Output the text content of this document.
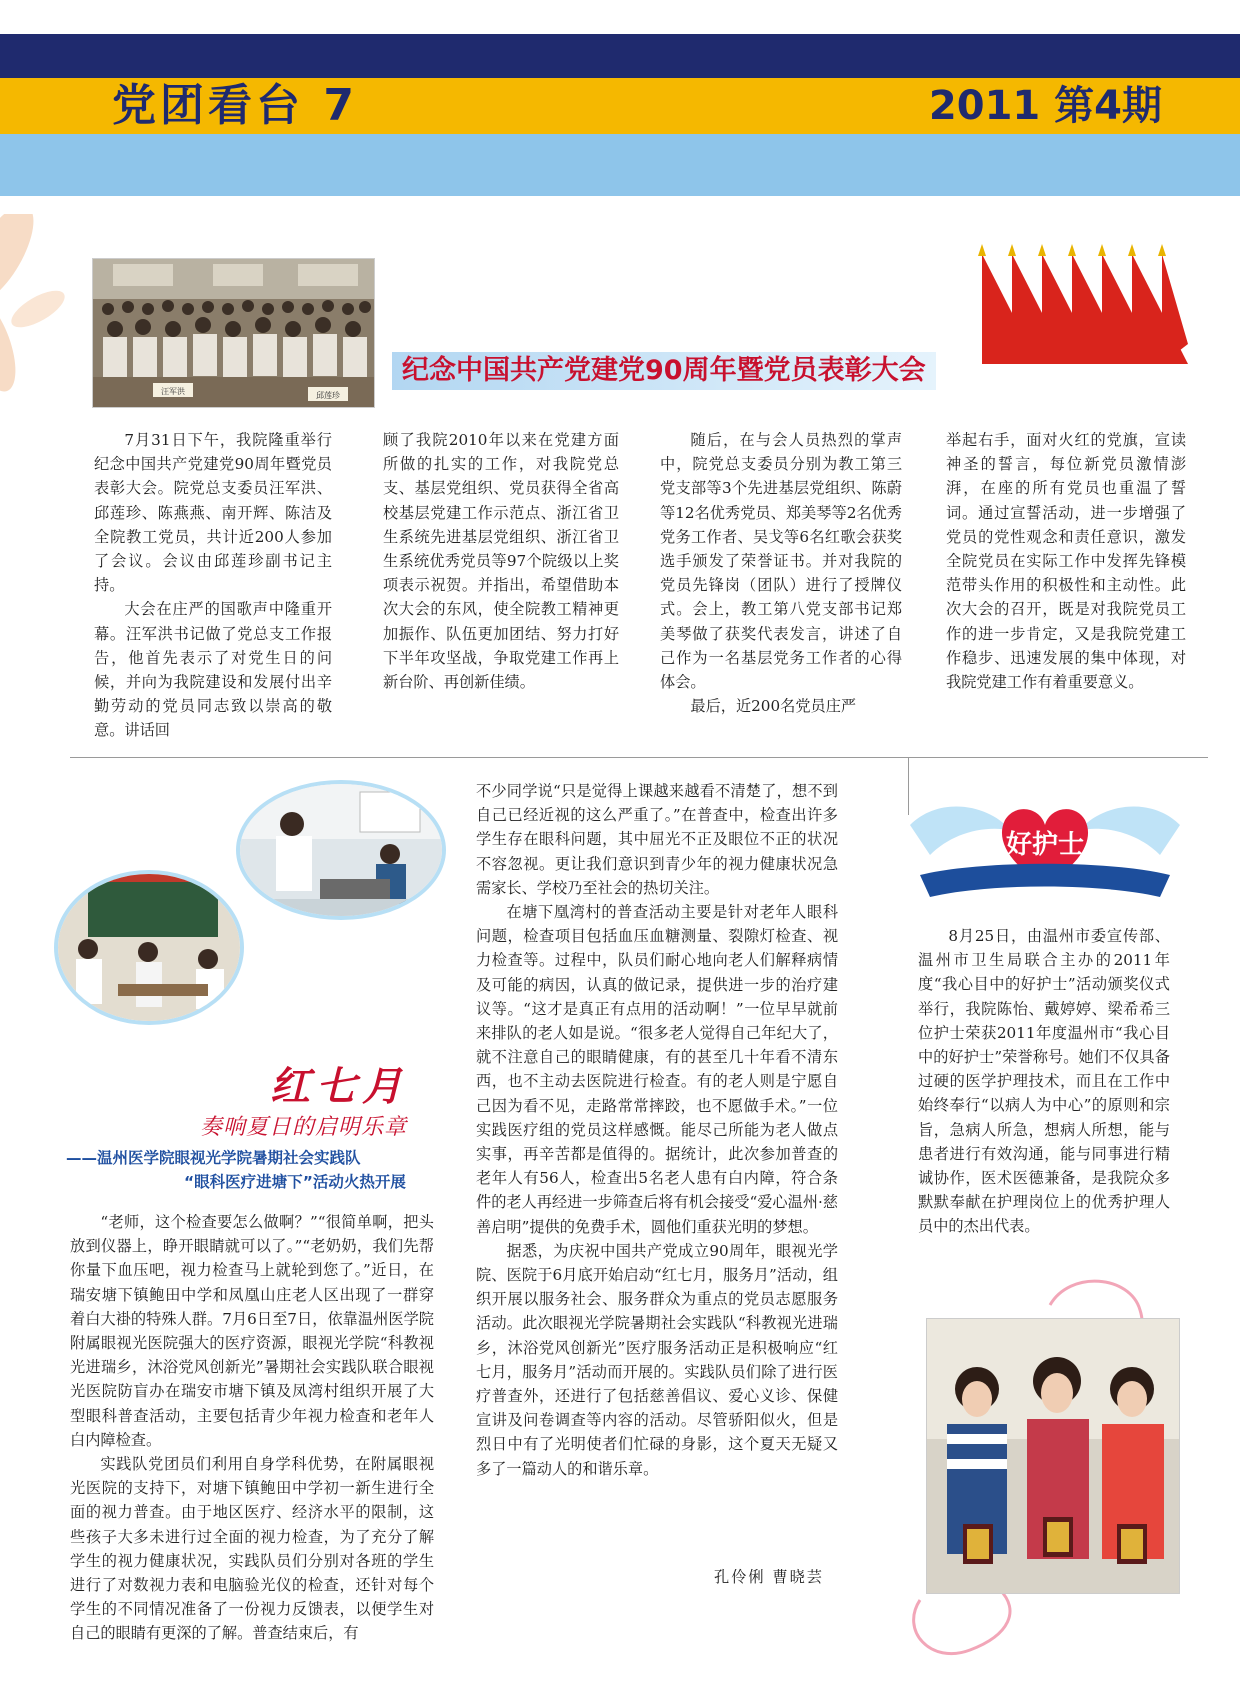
党团看台 7	2011 第4期
汪军洪	邱莲珍
纪念中国共产党建党90周年暨党员表彰大会

7月31日下午，我院隆重举行纪念中国共产党建党90周年暨党员表彰大会。院党总支委员汪军洪、邱莲珍、陈燕燕、南开辉、陈洁及全院教工党员，共计近200人参加了会议。会议由邱莲珍副书记主持。

大会在庄严的国歌声中隆重开幕。汪军洪书记做了党总支工作报告，他首先表示了对党生日的问候，并向为我院建设和发展付出辛勤劳动的党员同志致以崇高的敬意。讲话回

顾了我院2010年以来在党建方面所做的扎实的工作，对我院党总支、基层党组织、党员获得全省高校基层党建工作示范点、浙江省卫生系统先进基层党组织、浙江省卫生系统优秀党员等97个院级以上奖项表示祝贺。并指出，希望借助本次大会的东风，使全院教工精神更加振作、队伍更加团结、努力打好下半年攻坚战，争取党建工作再上新台阶、再创新佳绩。

随后，在与会人员热烈的掌声中，院党总支委员分别为教工第三党支部等3个先进基层党组织、陈蔚等12名优秀党员、郑美琴等2名优秀党务工作者、吴戈等6名红歌会获奖选手颁发了荣誉证书。并对我院的党员先锋岗（团队）进行了授牌仪式。会上，教工第八党支部书记郑美琴做了获奖代表发言，讲述了自己作为一名基层党务工作者的心得体会。

最后，近200名党员庄严

举起右手，面对火红的党旗，宣读神圣的誓言，每位新党员激情澎湃，在座的所有党员也重温了誓词。通过宣誓活动，进一步增强了党员的党性观念和责任意识，激发全院党员在实际工作中发挥先锋模范带头作用的积极性和主动性。此次大会的召开，既是对我院党员工作的进一步肯定，又是我院党建工作稳步、迅速发展的集中体现，对我院党建工作有着重要意义。

红七月
奏响夏日的启明乐章
——温州医学院眼视光学院暑期社会实践队
“眼科医疗进塘下”活动火热开展

“老师，这个检查要怎么做啊？”“很简单啊，把头放到仪器上，睁开眼睛就可以了。”“老奶奶，我们先帮你量下血压吧，视力检查马上就轮到您了。”近日，在瑞安塘下镇鲍田中学和凤凰山庄老人区出现了一群穿着白大褂的特殊人群。7月6日至7日，依靠温州医学院附属眼视光医院强大的医疗资源，眼视光学院“科教视光进瑞乡，沐浴党风创新光”暑期社会实践队联合眼视光医院防盲办在瑞安市塘下镇及凤湾村组织开展了大型眼科普查活动，主要包括青少年视力检查和老年人白内障检查。

实践队党团员们利用自身学科优势，在附属眼视光医院的支持下，对塘下镇鲍田中学初一新生进行全面的视力普查。由于地区医疗、经济水平的限制，这些孩子大多未进行过全面的视力检查，为了充分了解学生的视力健康状况，实践队员们分别对各班的学生进行了对数视力表和电脑验光仪的检查，还针对每个学生的不同情况准备了一份视力反馈表，以便学生对自己的眼睛有更深的了解。普查结束后，有

不少同学说“只是觉得上课越来越看不清楚了，想不到自己已经近视的这么严重了。”在普查中，检查出许多学生存在眼科问题，其中屈光不正及眼位不正的状况不容忽视。更让我们意识到青少年的视力健康状况急需家长、学校乃至社会的热切关注。

在塘下凰湾村的普查活动主要是针对老年人眼科问题，检查项目包括血压血糖测量、裂隙灯检查、视力检查等。过程中，队员们耐心地向老人们解释病情及可能的病因，认真的做记录，提供进一步的治疗建议等。“这才是真正有点用的活动啊！”一位早早就前来排队的老人如是说。“很多老人觉得自己年纪大了，就不注意自己的眼睛健康，有的甚至几十年看不清东西，也不主动去医院进行检查。有的老人则是宁愿自己因为看不见，走路常常摔跤，也不愿做手术。”一位实践医疗组的党员这样感慨。能尽己所能为老人做点实事，再辛苦都是值得的。据统计，此次参加普查的老年人有56人，检查出5名老人患有白内障，符合条件的老人再经进一步筛查后将有机会接受“爱心温州·慈善启明”提供的免费手术，圆他们重获光明的梦想。

据悉，为庆祝中国共产党成立90周年，眼视光学院、医院于6月底开始启动“红七月，服务月”活动，组织开展以服务社会、服务群众为重点的党员志愿服务活动。此次眼视光学院暑期社会实践队“科教视光进瑞乡，沐浴党风创新光”医疗服务活动正是积极响应“红七月，服务月”活动而开展的。实践队员们除了进行医疗普查外，还进行了包括慈善倡议、爱心义诊、保健宣讲及问卷调查等内容的活动。尽管骄阳似火，但是烈日中有了光明使者们忙碌的身影，这个夏天无疑又多了一篇动人的和谐乐章。

孔伶俐 曹晓芸
好护士

8月25日，由温州市委宣传部、温州市卫生局联合主办的2011年度“我心目中的好护士”活动颁奖仪式举行，我院陈怡、戴婷婷、梁希希三位护士荣获2011年度温州市“我心目中的好护士”荣誉称号。她们不仅具备过硬的医学护理技术，而且在工作中始终奉行“以病人为中心”的原则和宗旨，急病人所急，想病人所想，能与患者进行有效沟通，能与同事进行精诚协作，医术医德兼备，是我院众多默默奉献在护理岗位上的优秀护理人员中的杰出代表。
